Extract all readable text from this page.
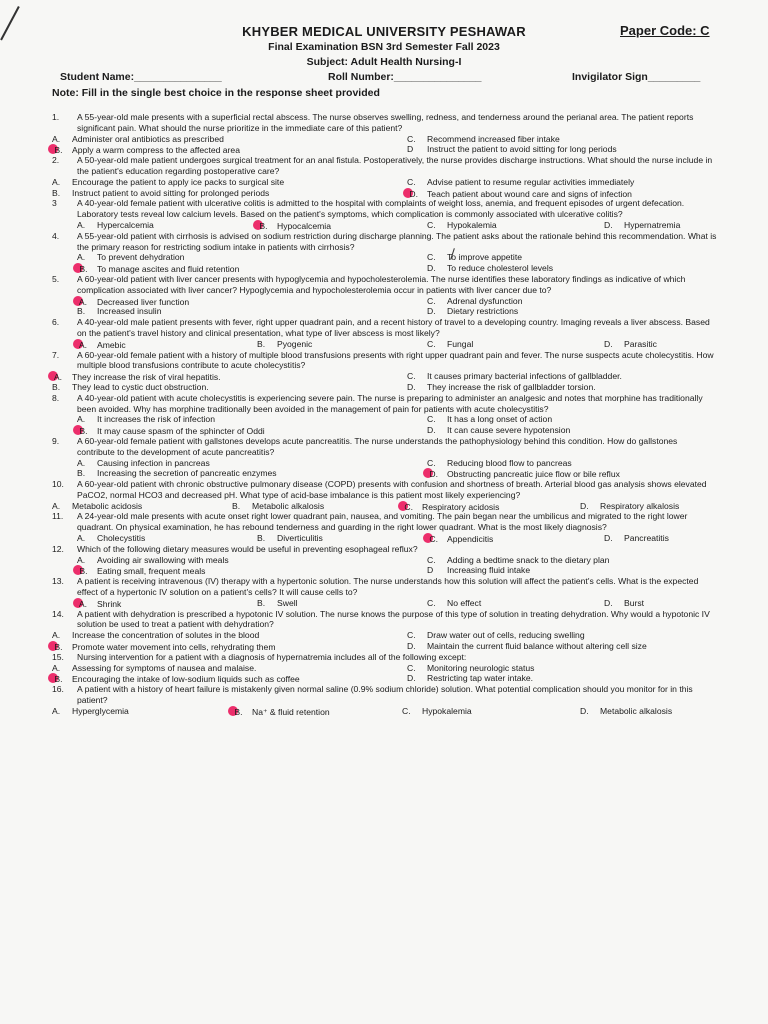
KHYBER MEDICAL UNIVERSITY PESHAWAR	Paper Code: C
Final Examination BSN 3rd Semester Fall 2023
Subject: Adult Health Nursing-I
Student Name:_______________	Roll Number:_______________	Invigilator Sign_________
Note: Fill in the single best choice in the response sheet provided
1. A 55-year-old male presents with a superficial rectal abscess. The nurse observes swelling, redness, and tenderness around the perianal area. The patient reports significant pain. What should the nurse prioritize in the immediate care of this patient?
A. Administer oral antibiotics as prescribed	C. Recommend increased fiber intake
B. Apply a warm compress to the affected area	D Instruct the patient to avoid sitting for long periods
2. A 50-year-old male patient undergoes surgical treatment for an anal fistula. Postoperatively, the nurse provides discharge instructions. What should the nurse include in the patient's education regarding postoperative care?
A. Encourage the patient to apply ice packs to surgical site	C. Advise patient to resume regular activities immediately
B. Instruct patient to avoid sitting for prolonged periods	D. Teach patient about wound care and signs of infection
3 A 40-year-old female patient with ulcerative colitis is admitted to the hospital with complaints of weight loss, anemia, and frequent episodes of urgent defecation. Laboratory tests reveal low calcium levels. Based on the patient's symptoms, which complication is commonly associated with ulcerative colitis?
A. Hypercalcemia	B. Hypocalcemia	C. Hypokalemia	D. Hypernatremia
4. A 55-year-old patient with cirrhosis is advised on sodium restriction during discharge planning. The patient asks about the rationale behind this recommendation. What is the primary reason for restricting sodium intake in patients with cirrhosis?
A. To prevent dehydration	C. To improve appetite
B. To manage ascites and fluid retention	D. To reduce cholesterol levels
5. A 60-year-old patient with liver cancer presents with hypoglycemia and hypocholesterolemia. The nurse identifies these laboratory findings as indicative of which complication associated with liver cancer? Hypoglycemia and hypocholesterolemia occur in patients with liver cancer due to?
A. Decreased liver function	C. Adrenal dysfunction
B. Increased insulin	D. Dietary restrictions
6. A 40-year-old male patient presents with fever, right upper quadrant pain, and a recent history of travel to a developing country. Imaging reveals a liver abscess. Based on the patient's travel history and clinical presentation, what type of liver abscess is most likely?
A. Amebic	B. Pyogenic	C. Fungal	D. Parasitic
7. A 60-year-old female patient with a history of multiple blood transfusions presents with right upper quadrant pain and fever. The nurse suspects acute cholecystitis. How multiple blood transfusions contribute to acute cholecystitis?
A. They increase the risk of viral hepatitis.	C. It causes primary bacterial infections of gallbladder.
B. They lead to cystic duct obstruction.	D. They increase the risk of gallbladder torsion.
8. A 40-year-old patient with acute cholecystitis is experiencing severe pain. The nurse is preparing to administer an analgesic and notes that morphine has traditionally been avoided. Why has morphine traditionally been avoided in the management of pain for patients with acute cholecystitis?
A. It increases the risk of infection	C. It has a long onset of action
B. It may cause spasm of the sphincter of Oddi	D. It can cause severe hypotension
9. A 60-year-old female patient with gallstones develops acute pancreatitis. The nurse understands the pathophysiology behind this condition. How do gallstones contribute to the development of acute pancreatitis?
A. Causing infection in pancreas	C. Reducing blood flow to pancreas
B. Increasing the secretion of pancreatic enzymes	D. Obstructing pancreatic juice flow or bile reflux
10. A 60-year-old patient with chronic obstructive pulmonary disease (COPD) presents with confusion and shortness of breath. Arterial blood gas analysis shows elevated PaCO2, normal HCO3 and decreased pH. What type of acid-base imbalance is this patient most likely experiencing?
A. Metabolic acidosis	B. Metabolic alkalosis	C. Respiratory acidosis	D. Respiratory alkalosis
11. A 24-year-old male presents with acute onset right lower quadrant pain, nausea, and vomiting. The pain began near the umbilicus and migrated to the right lower quadrant. On physical examination, he has rebound tenderness and guarding in the right lower quadrant. What is the most likely diagnosis?
A. Cholecystitis	B. Diverticulitis	C. Appendicitis	D. Pancreatitis
12. Which of the following dietary measures would be useful in preventing esophageal reflux?
A. Avoiding air swallowing with meals	C. Adding a bedtime snack to the dietary plan
B. Eating small, frequent meals	D Increasing fluid intake
13. A patient is receiving intravenous (IV) therapy with a hypertonic solution. The nurse understands how this solution will affect the patient's cells. What is the expected effect of a hypertonic IV solution on a patient's cells? It will cause cells to?
A. Shrink	B. Swell	C. No effect	D. Burst
14. A patient with dehydration is prescribed a hypotonic IV solution. The nurse knows the purpose of this type of solution in treating dehydration. Why would a hypotonic IV solution be used to treat a patient with dehydration?
A. Increase the concentration of solutes in the blood	C. Draw water out of cells, reducing swelling
B. Promote water movement into cells, rehydrating them	D. Maintain the current fluid balance without altering cell size
15. Nursing intervention for a patient with a diagnosis of hypernatremia includes all of the following except:
A. Assessing for symptoms of nausea and malaise.	C. Monitoring neurologic status
B. Encouraging the intake of low-sodium liquids such as coffee	D. Restricting tap water intake.
16. A patient with a history of heart failure is mistakenly given normal saline (0.9% sodium chloride) solution. What potential complication should you monitor for in this patient?
A. Hyperglycemia	B. Na⁺ & fluid retention	C. Hypokalemia	D. Metabolic alkalosis
